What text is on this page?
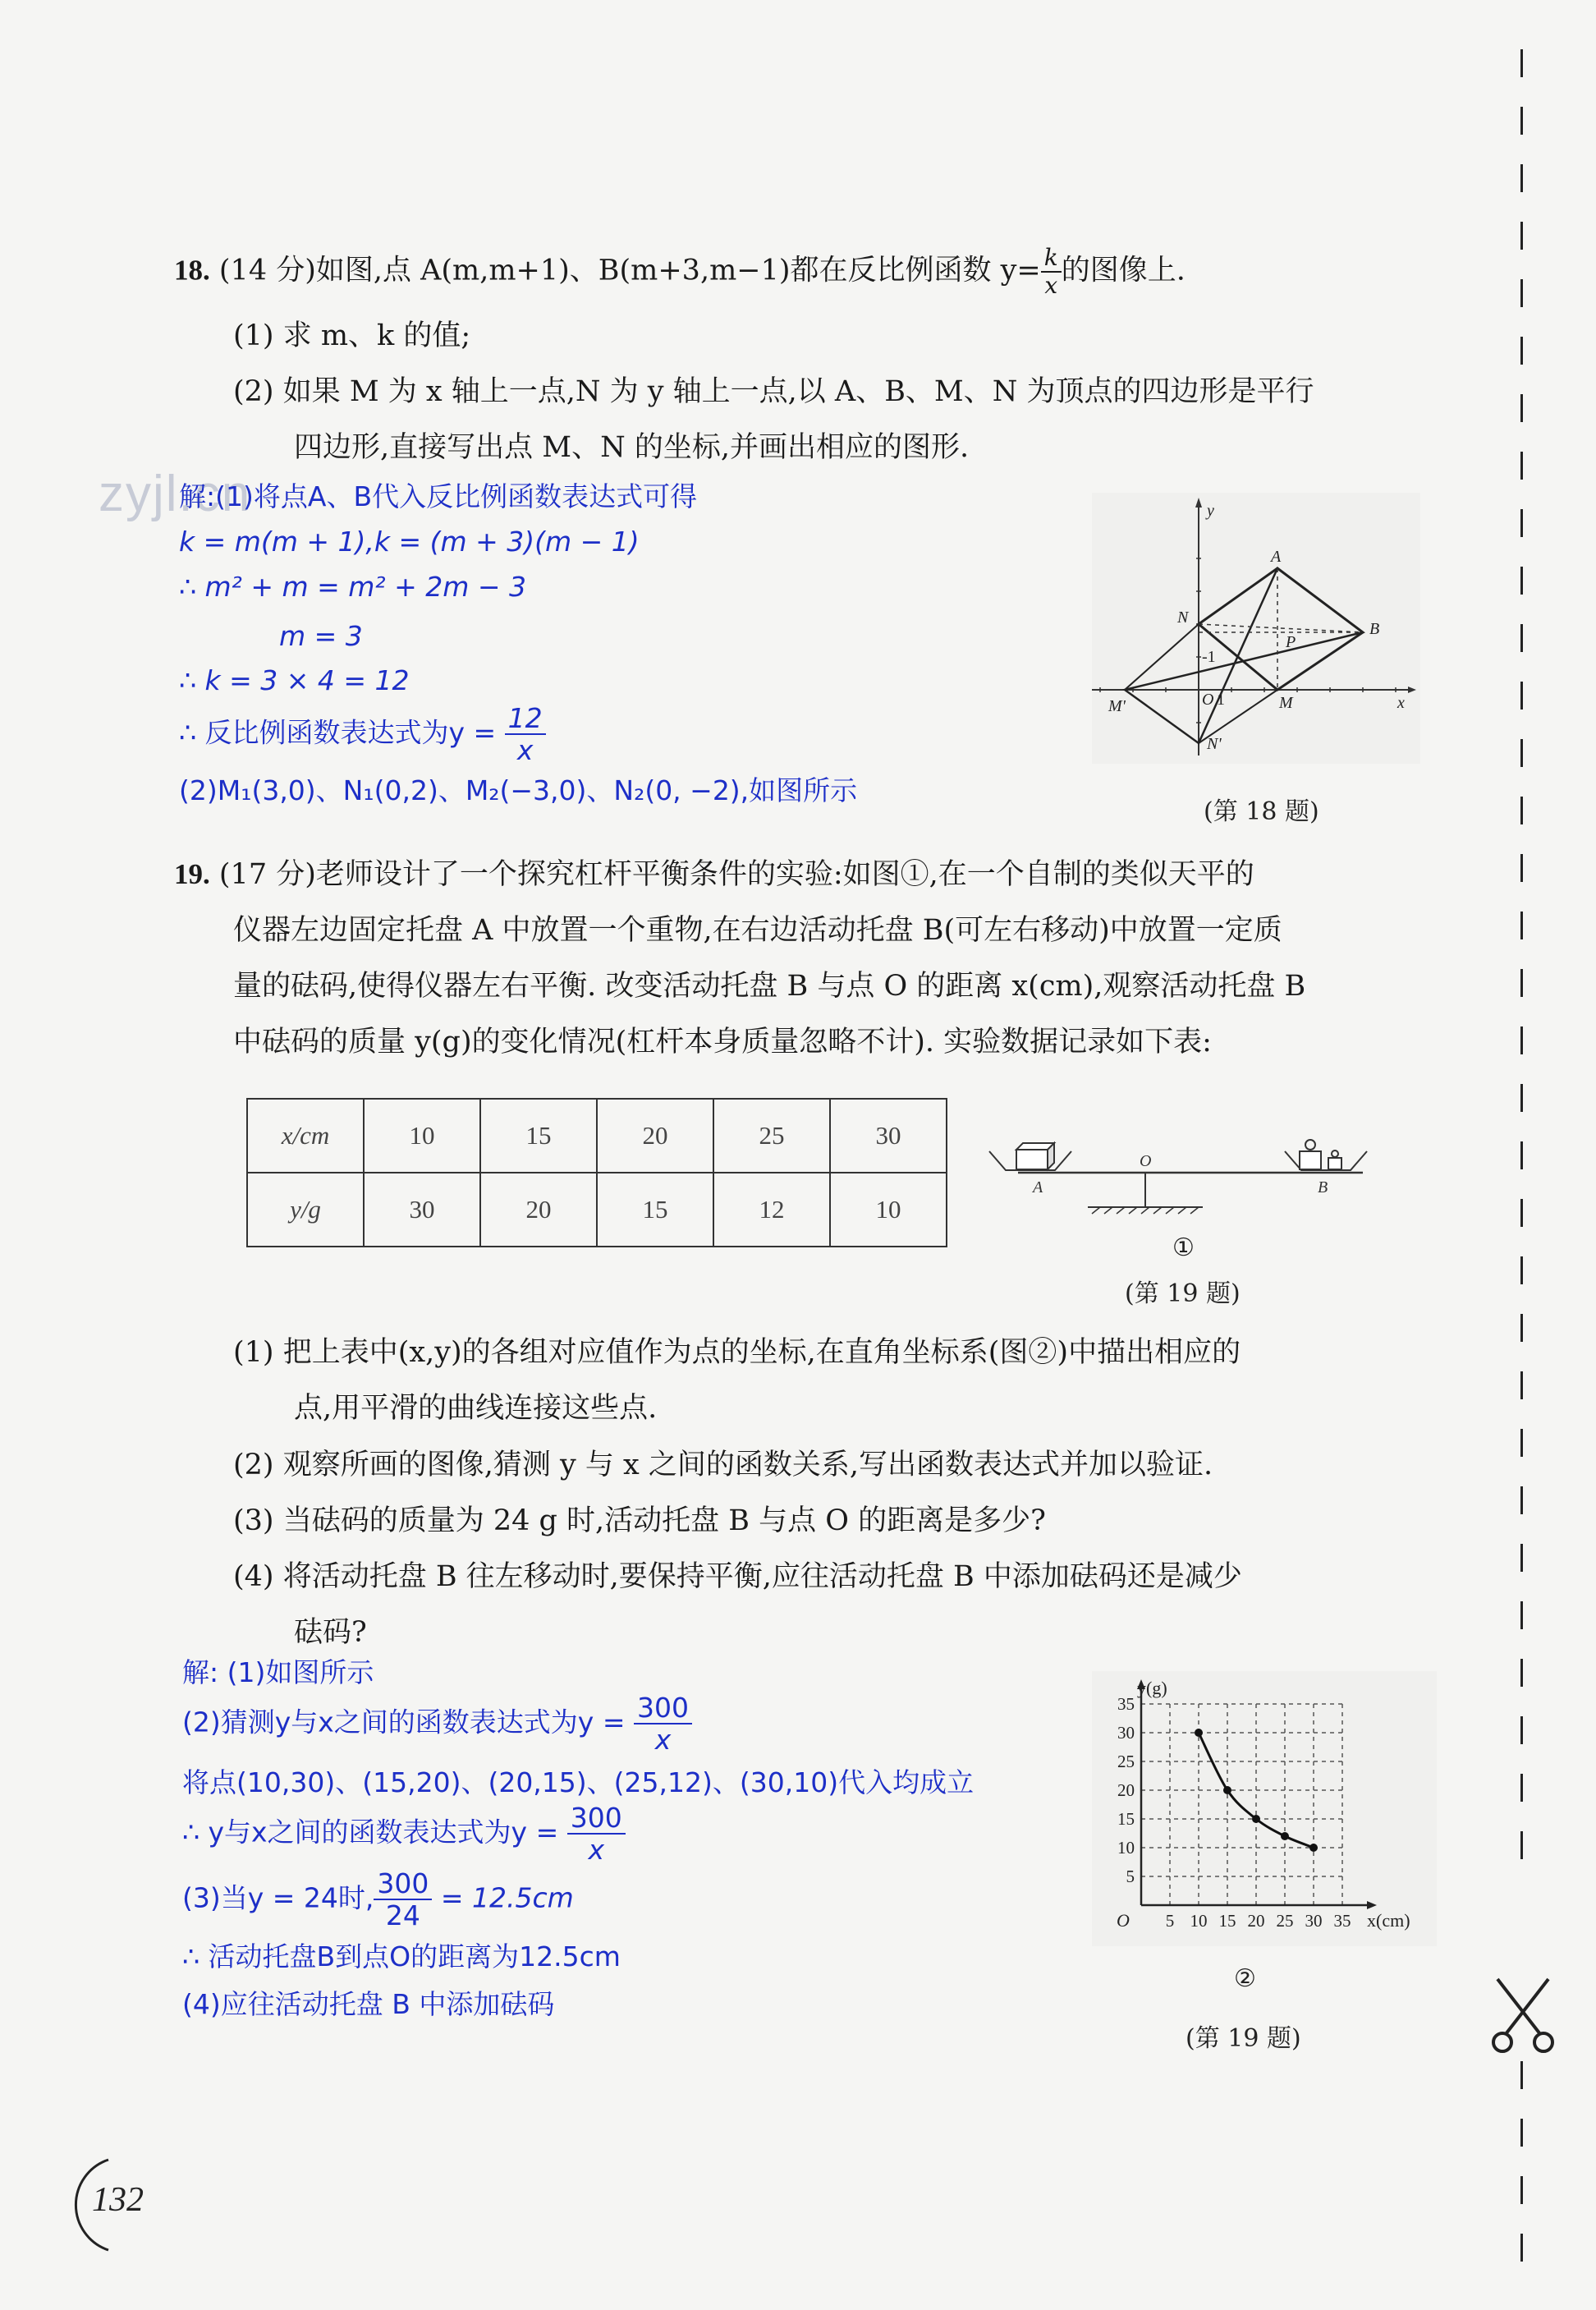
18. (14 分)如图,点 A(m,m+1)、B(m+3,m−1)都在反比例函数 $y= \frac{k}{x}$ 的图像上.
(1) 求 m、k 的值;
(2) 如果 M 为 x 轴上一点,N 为 y 轴上一点,以 A、B、M、N 为顶点的四边形是平行
四边形,直接写出点 M、N 的坐标,并画出相应的图形.
zyjl.cn
解:(1)将点A、B代入反比例函数表达式可得
k = m(m + 1),k = (m + 3)(m − 1)
∴ m² + m = m² + 2m − 3
m = 3
∴ k = 3 × 4 = 12
∴ 反比例函数表达式为$y = \frac{12}{x}$
(2)M₁(3,0)、N₁(0,2)、M₂(−3,0)、N₂(0, −2),如图所示
y
x
A
B
N
P
M
M'
N'
O 1
-1
(第 18 题)
19. (17 分)老师设计了一个探究杠杆平衡条件的实验:如图①,在一个自制的类似天平的
仪器左边固定托盘 A 中放置一个重物,在右边活动托盘 B(可左右移动)中放置一定质
量的砝码,使得仪器左右平衡. 改变活动托盘 B 与点 O 的距离 x(cm),观察活动托盘 B
中砝码的质量 y(g)的变化情况(杠杆本身质量忽略不计). 实验数据记录如下表:
x/cm	10	15	20	25	30
y/g	30	20	15	12	10
A
O
B
①
(第 19 题)
(1) 把上表中(x,y)的各组对应值作为点的坐标,在直角坐标系(图②)中描出相应的
点,用平滑的曲线连接这些点.
(2) 观察所画的图像,猜测 y 与 x 之间的函数关系,写出函数表达式并加以验证.
(3) 当砝码的质量为 24 g 时,活动托盘 B 与点 O 的距离是多少?
(4) 将活动托盘 B 往左移动时,要保持平衡,应往活动托盘 B 中添加砝码还是减少
砝码?
解: (1)如图所示
(2)猜测y与x之间的函数表达式为$y = \frac{300}{x}$
将点(10,30)、(15,20)、(20,15)、(25,12)、(30,10)代入均成立
∴ y与x之间的函数表达式为$y = \frac{300}{x}$
(3)当y = 24时, $\frac{300}{24} = 12.5cm$
∴ 活动托盘B到点O的距离为12.5cm
(4)应往活动托盘 B 中添加砝码
5 10 15 20 25 30 35
5
10
15
20
25
30
35
y(g)
x(cm)
O
②
(第 19 题)
132
